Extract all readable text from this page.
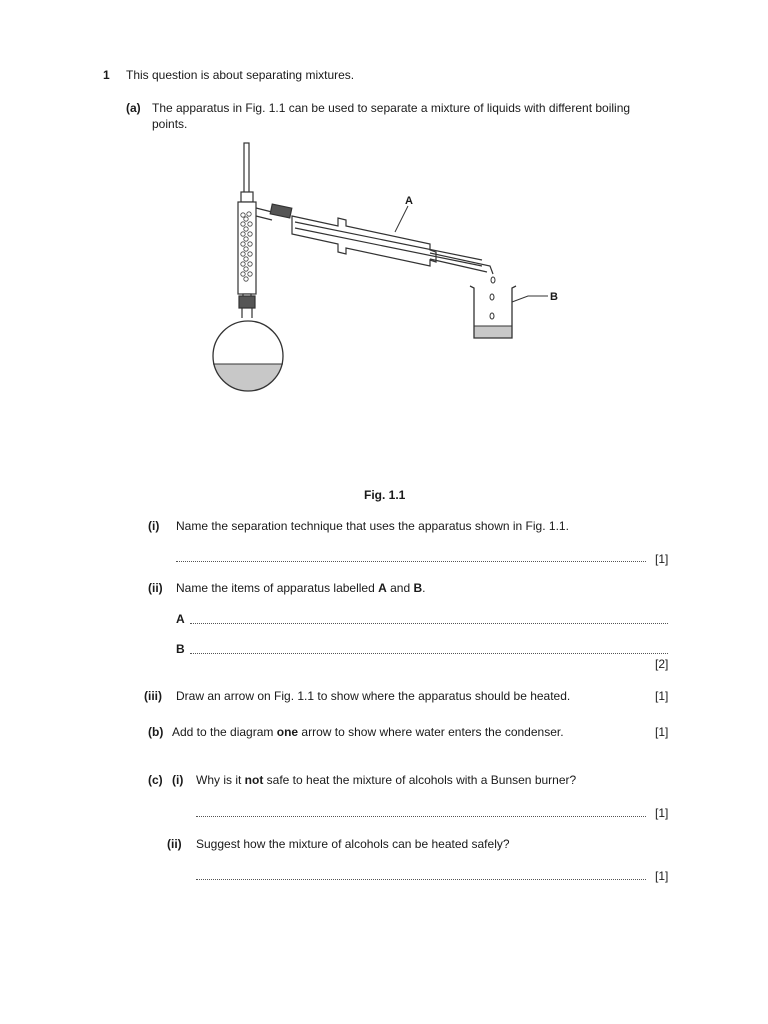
1 This question is about separating mixtures.
(a) The apparatus in Fig. 1.1 can be used to separate a mixture of liquids with different boiling
points.
A
B
Fig. 1.1
(i) Name the separation technique that uses the apparatus shown in Fig. 1.1.
[1]
(ii) Name the items of apparatus labelled A and B.
A
B
[2]
(iii) Draw an arrow on Fig. 1.1 to show where the apparatus should be heated.	[1]
(b) Add to the diagram one arrow to show where water enters the condenser.	[1]
(c) (i) Why is it not safe to heat the mixture of alcohols with a Bunsen burner?
[1]
(ii) Suggest how the mixture of alcohols can be heated safely?
[1]
